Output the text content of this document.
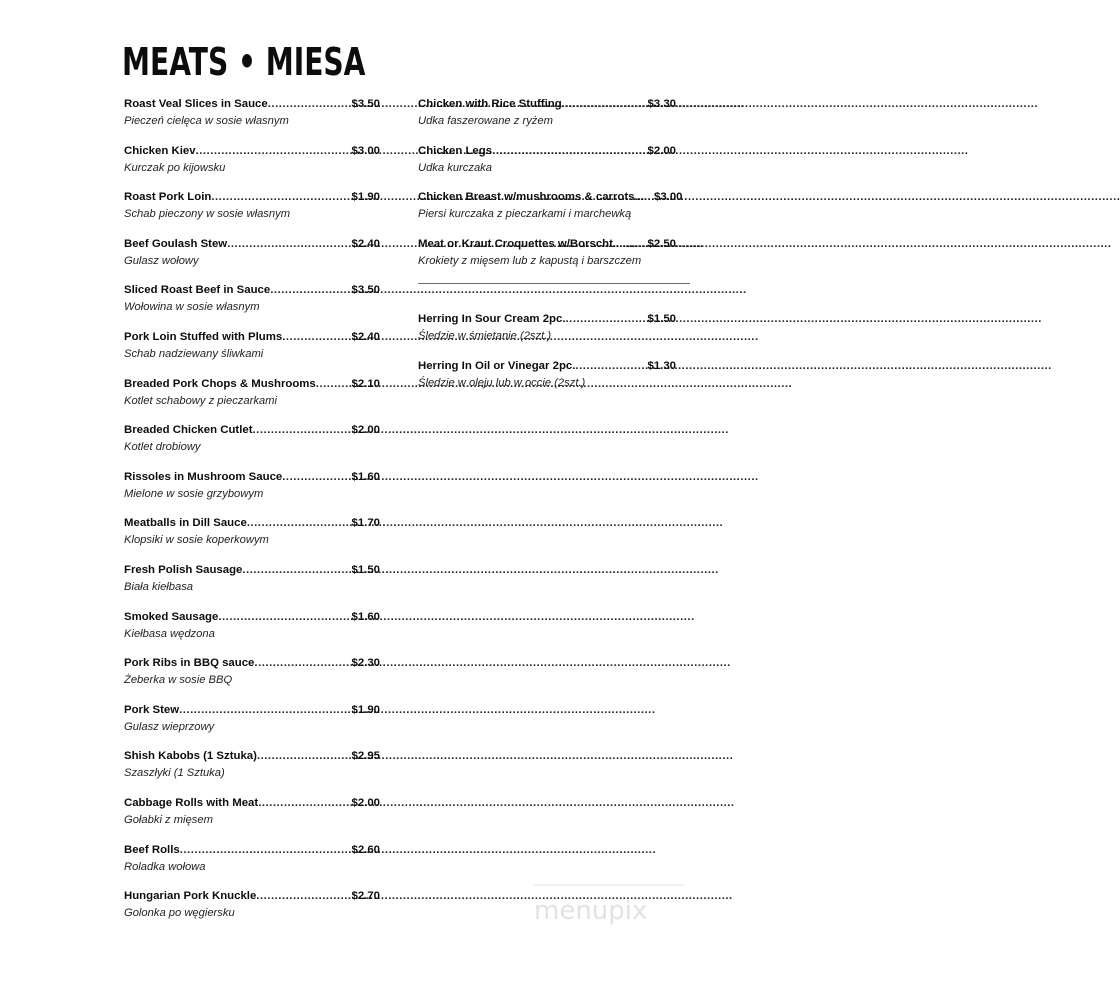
MEATS • MIESA
Roast Veal Slices in Sauce .....	$3.50
Pieczeń cielęca w sosie własnym
Chicken Kiev .....	$3.00
Kurczak po kijowsku
Roast Pork Loin .....	$1.90
Schab pieczony w sosie własnym
Beef Goulash Stew .....	$2.40
Gulasz wołowy
Sliced Roast Beef in Sauce .....	$3.50
Wołowina w sosie własnym
Pork Loin Stuffed with Plums .....	$2.40
Schab nadziewany śliwkami
Breaded Pork Chops & Mushrooms .....	$2.10
Kotlet schabowy z pieczarkami
Breaded Chicken Cutlet .....	$2.00
Kotlet drobiowy
Rissoles in Mushroom Sauce .....	$1.60
Mielone w sosie grzybowym
Meatballs in Dill Sauce .....	$1.70
Klopsiki w sosie koperkowym
Fresh Polish Sausage .....	$1.50
Biała kiełbasa
Smoked Sausage .....	$1.60
Kiełbasa wędzona
Pork Ribs in BBQ sauce .....	$2.30
Żeberka w sosie BBQ
Pork Stew .....	$1.90
Gulasz wieprzowy
Shish Kabobs (1 Sztuka) .....	$2.95
Szaszłyki (1 Sztuka)
Cabbage Rolls with Meat .....	$2.00
Gołabki z mięsem
Beef Rolls .....	$2.60
Roladka wołowa
Hungarian Pork Knuckle .....	$2.70
Golonka po węgiersku
Chicken with Rice Stuffing .....	$3.30
Udka faszerowane z ryżem
Chicken Legs .....	$2.00
Udka kurczaka
Chicken Breast w/mushrooms & carrots... ..... $3.00
Piersi kurczaka z pieczarkami i marchewką
Meat or Kraut Croquettes w/Borscht....... ..... $2.50
Krokiety z mięsem lub z kapustą i barszczem
Herring In Sour Cream 2pc. .....	$1.50
Śledzie w śmietanie (2szt.)
Herring In Oil or Vinegar 2pc. .....	$1.30
Śledzie w oleju lub w occie (2szt.)
menupix
